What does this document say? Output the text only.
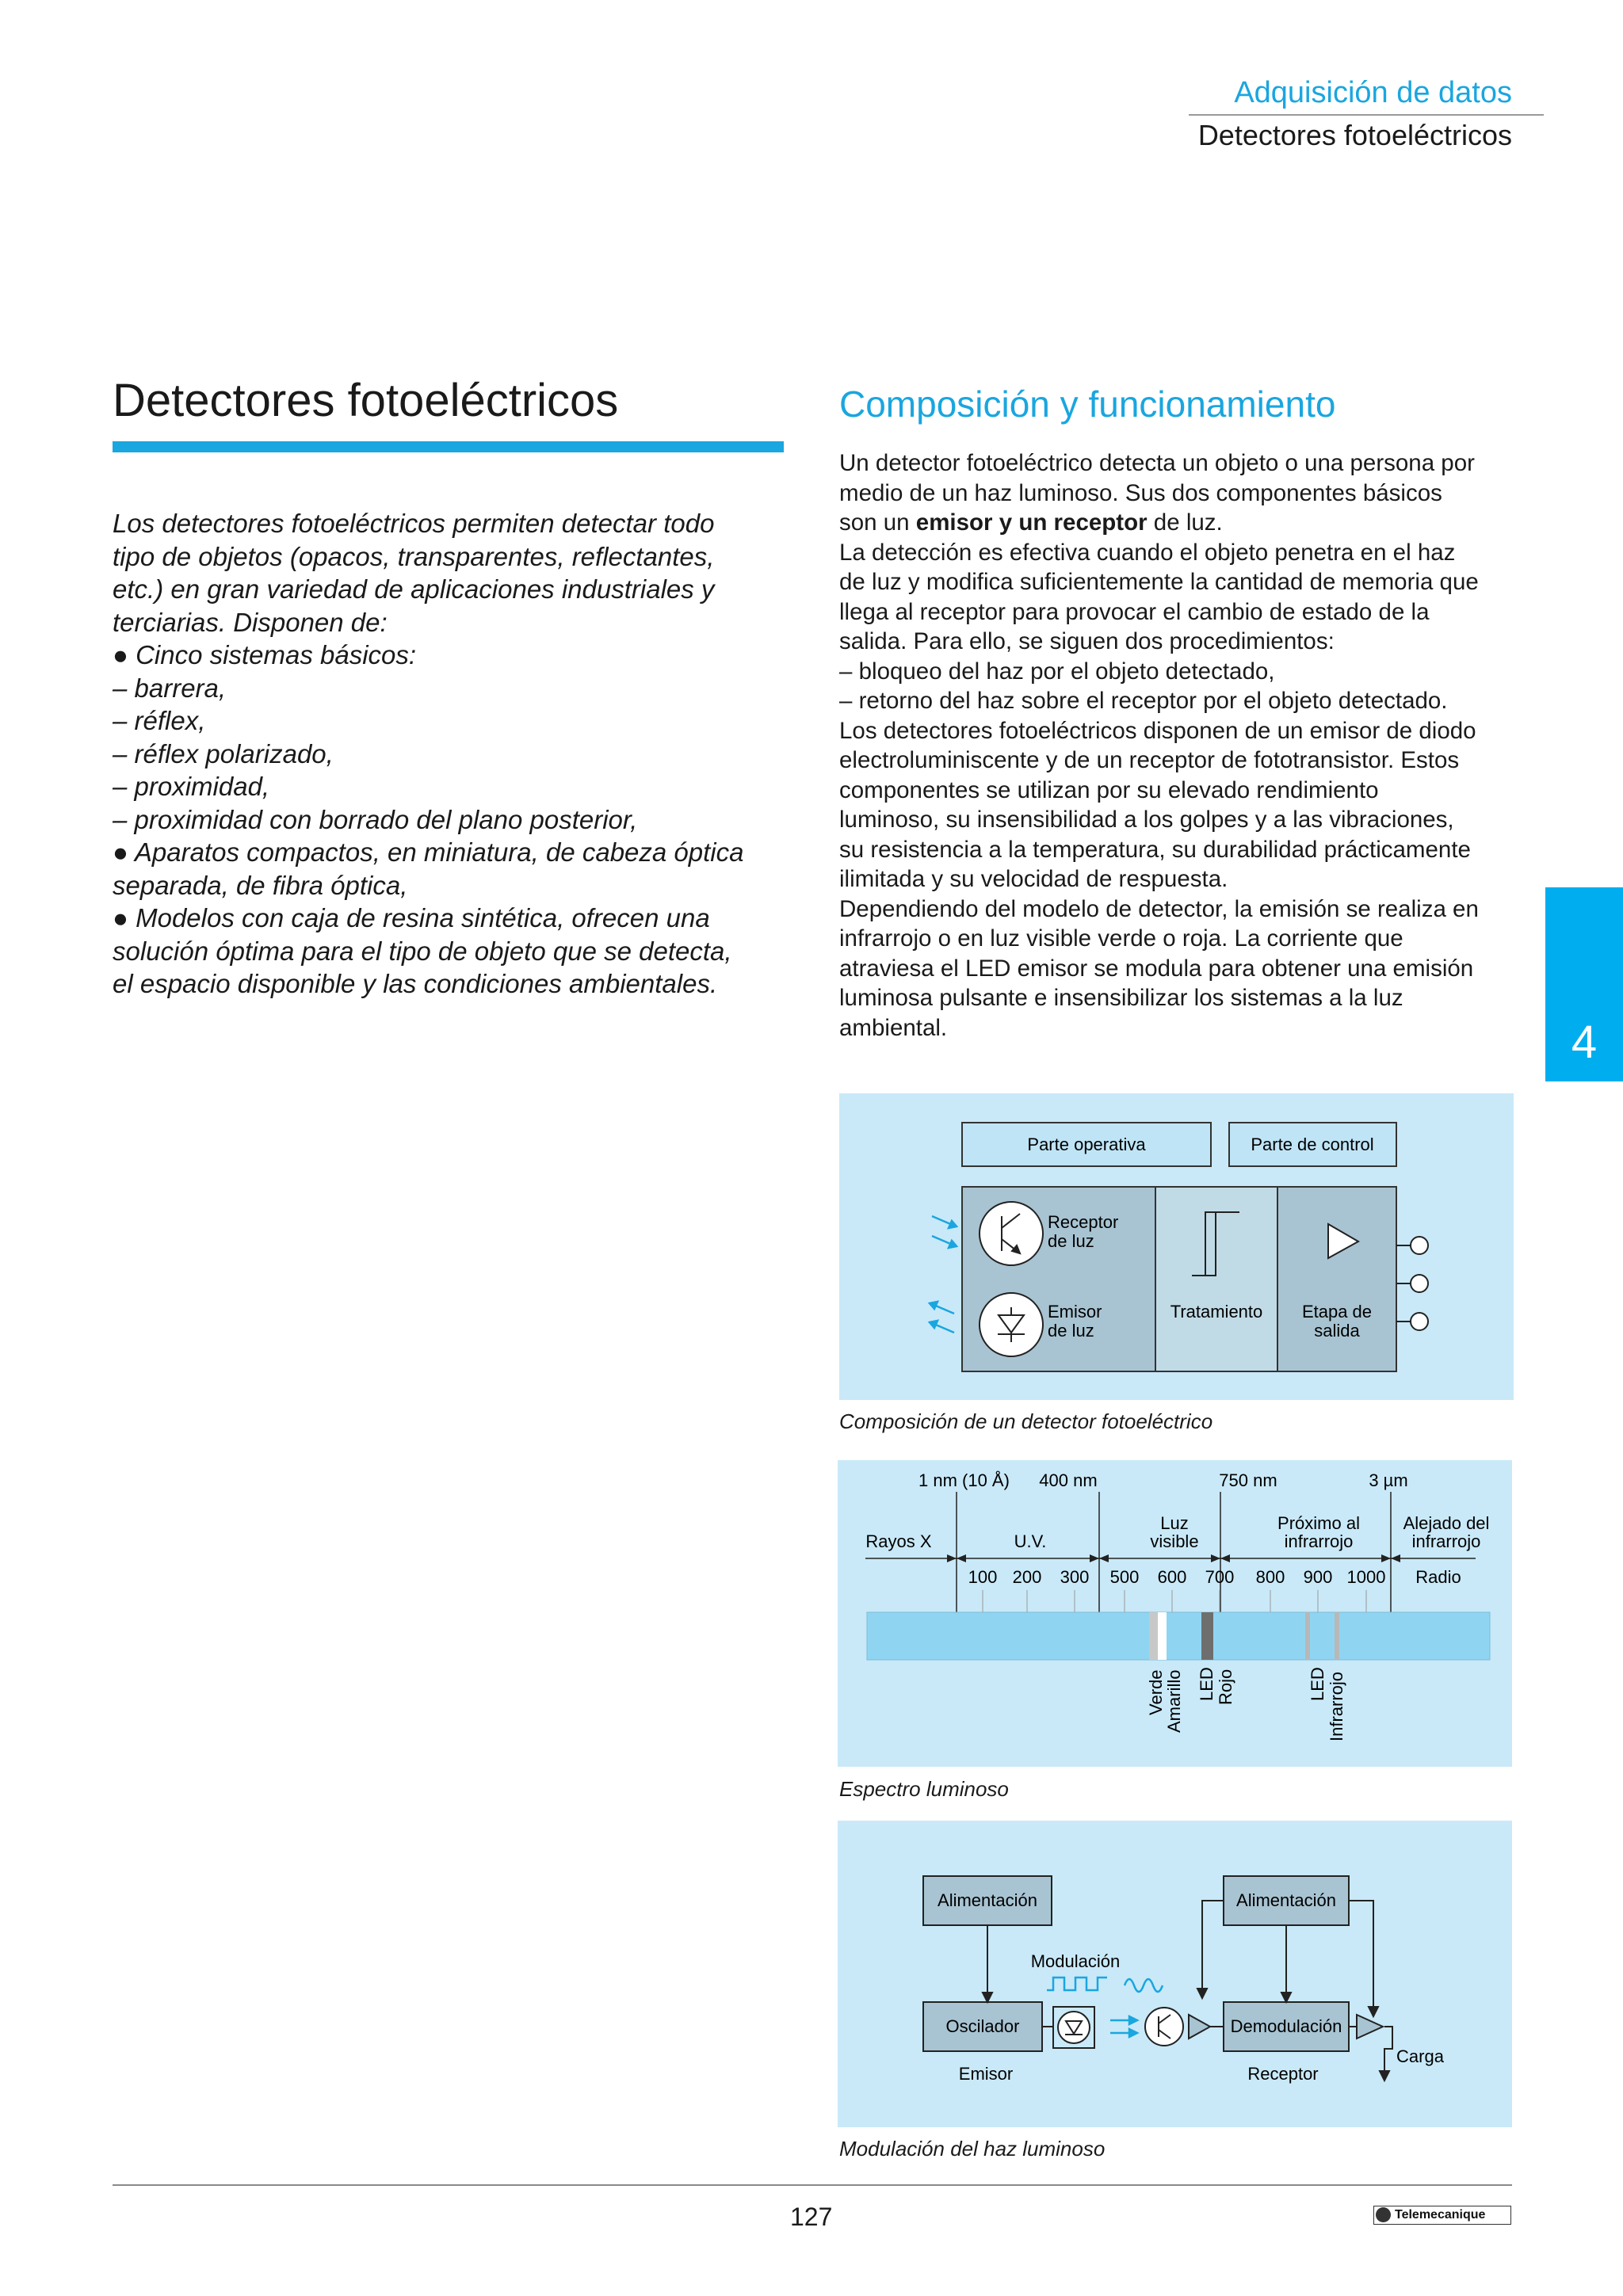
Adquisición de datos
Detectores fotoeléctricos
Detectores fotoeléctricos
Los detectores fotoeléctricos permiten detectar todo
tipo de objetos (opacos, transparentes, reflectantes,
etc.) en gran variedad de aplicaciones industriales y
terciarias. Disponen de:
● Cinco sistemas básicos:
– barrera,
– réflex,
– réflex polarizado,
– proximidad,
– proximidad con borrado del plano posterior,
● Aparatos compactos, en miniatura, de cabeza óptica
separada, de fibra óptica,
● Modelos con caja de resina sintética, ofrecen una
solución óptima para el tipo de objeto que se detecta,
el espacio disponible y las condiciones ambientales.
Composición y funcionamiento
Un detector fotoeléctrico detecta un objeto o una persona por
medio de un haz luminoso. Sus dos componentes básicos
son un emisor y un receptor de luz.
La detección es efectiva cuando el objeto penetra en el haz
de luz y modifica suficientemente la cantidad de memoria que
llega al receptor para provocar el cambio de estado de la
salida. Para ello, se siguen dos procedimientos:
– bloqueo del haz por el objeto detectado,
– retorno del haz sobre el receptor por el objeto detectado.
Los detectores fotoeléctricos disponen de un emisor de diodo
electroluminiscente y de un receptor de fototransistor. Estos
componentes se utilizan por su elevado rendimiento
luminoso, su insensibilidad a los golpes y a las vibraciones,
su resistencia a la temperatura, su durabilidad prácticamente
ilimitada y su velocidad de respuesta.
Dependiendo del modelo de detector, la emisión se realiza en
infrarrojo o en luz visible verde o roja. La corriente que
atraviesa el LED emisor se modula para obtener una emisión
luminosa pulsante e insensibilizar los sistemas a la luz
ambiental.	4
Parte operativa	Parte de control
Receptor
de luz
Emisor
de luz
Tratamiento Etapa de
salida
Composición de un detector fotoeléctrico
1 nm (10 Å) 400 nm	750 nm	3 µm
Rayos X	U.V.
Luz
visible
Próximo al
infrarrojo
Alejado del
infrarrojo
100 200 300 500 600 700 800 900 1000 Radio
Verde
Amarillo LED Rojo	LED Infrarrojo
Espectro luminoso
Alimentación	Alimentación
Oscilador	Demodulación
Modulación
Emisor	Receptor
Carga
Modulación del haz luminoso
127	Telemecanique
